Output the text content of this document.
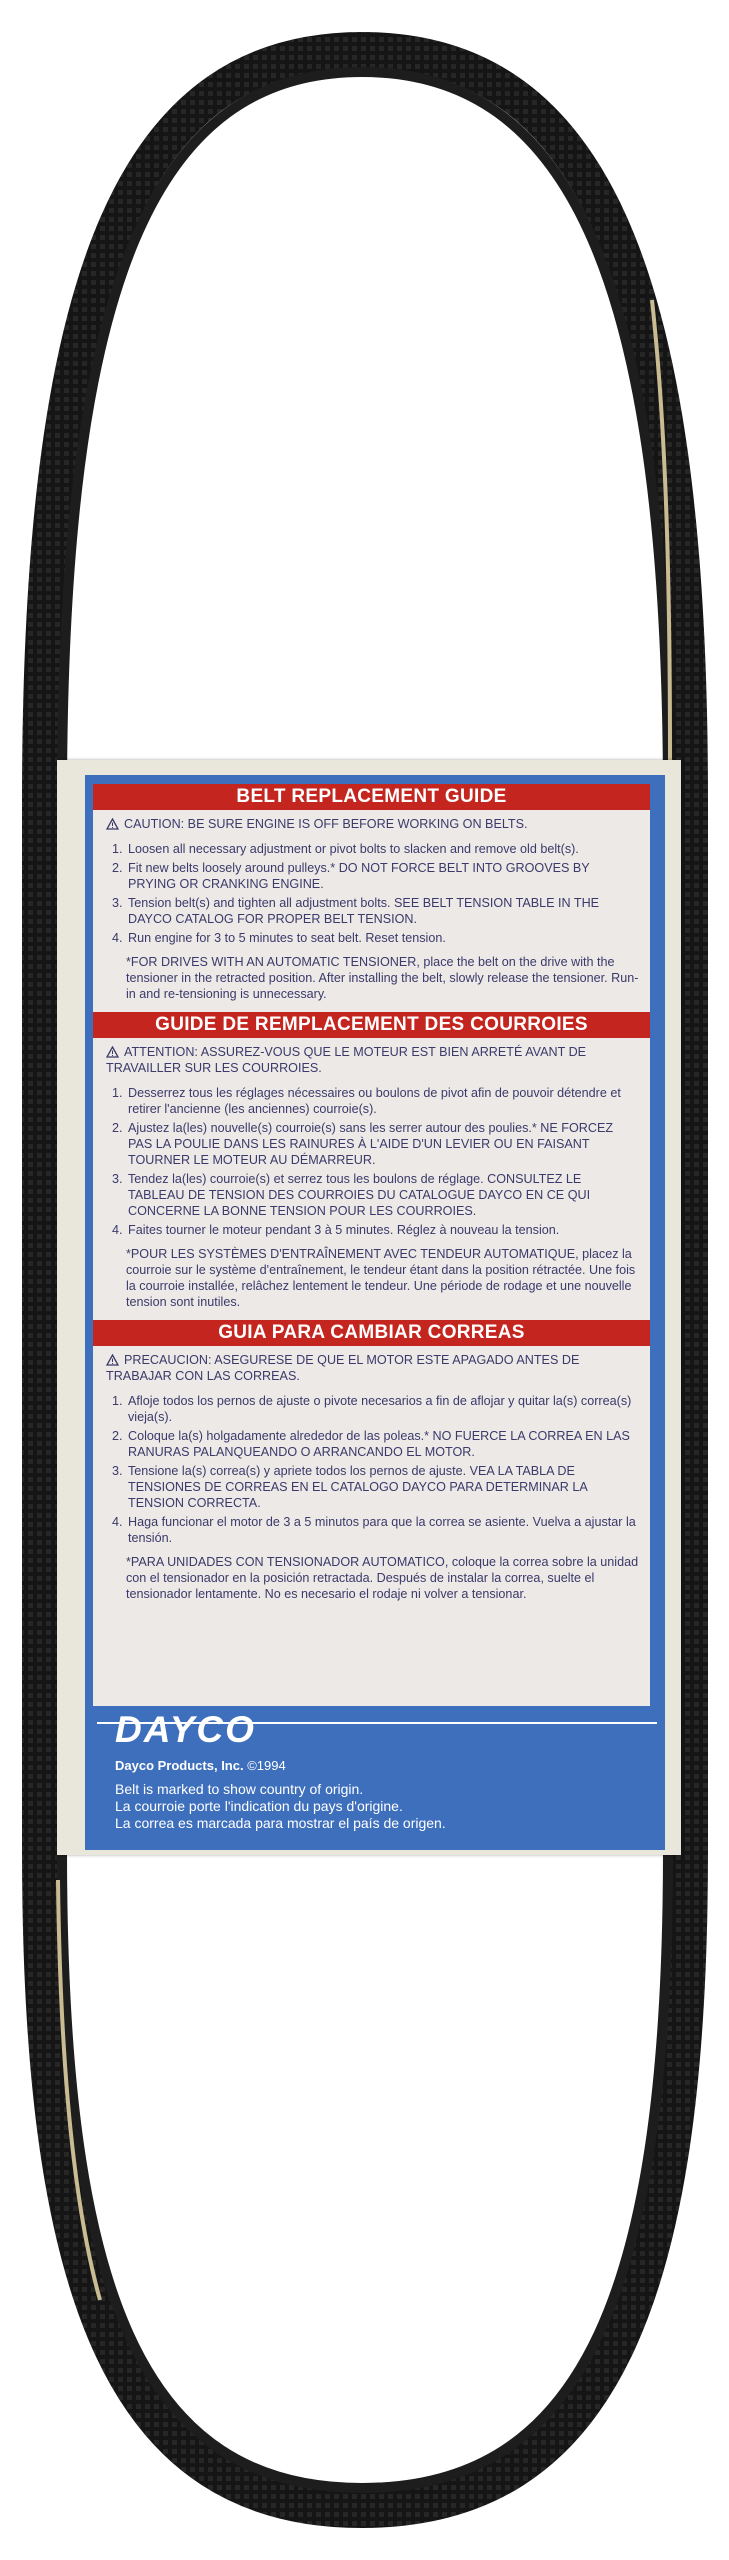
BELT REPLACEMENT GUIDE
CAUTION: BE SURE ENGINE IS OFF BEFORE WORKING ON BELTS.
1. Loosen all necessary adjustment or pivot bolts to slacken and remove old belt(s).
2. Fit new belts loosely around pulleys.* DO NOT FORCE BELT INTO GROOVES BY PRYING OR CRANKING ENGINE.
3. Tension belt(s) and tighten all adjustment bolts. SEE BELT TENSION TABLE IN THE DAYCO CATALOG FOR PROPER BELT TENSION.
4. Run engine for 3 to 5 minutes to seat belt. Reset tension.
*FOR DRIVES WITH AN AUTOMATIC TENSIONER, place the belt on the drive with the tensioner in the retracted position. After installing the belt, slowly release the tensioner. Run-in and re-tensioning is unnecessary.
GUIDE DE REMPLACEMENT DES COURROIES
ATTENTION: ASSUREZ-VOUS QUE LE MOTEUR EST BIEN ARRETÉ AVANT DE TRAVAILLER SUR LES COURROIES.
1. Desserrez tous les réglages nécessaires ou boulons de pivot afin de pouvoir détendre et retirer l'ancienne (les anciennes) courroie(s).
2. Ajustez la(les) nouvelle(s) courroie(s) sans les serrer autour des poulies.* NE FORCEZ PAS LA POULIE DANS LES RAINURES À L'AIDE D'UN LEVIER OU EN FAISANT TOURNER LE MOTEUR AU DÉMARREUR.
3. Tendez la(les) courroie(s) et serrez tous les boulons de réglage. CONSULTEZ LE TABLEAU DE TENSION DES COURROIES DU CATALOGUE DAYCO EN CE QUI CONCERNE LA BONNE TENSION POUR LES COURROIES.
4. Faites tourner le moteur pendant 3 à 5 minutes. Réglez à nouveau la tension.
*POUR LES SYSTÈMES D'ENTRAÎNEMENT AVEC TENDEUR AUTOMATIQUE, placez la courroie sur le système d'entraînement, le tendeur étant dans la position rétractée. Une fois la courroie installée, relâchez lentement le tendeur. Une période de rodage et une nouvelle tension sont inutiles.
GUIA PARA CAMBIAR CORREAS
PRECAUCION: ASEGURESE DE QUE EL MOTOR ESTE APAGADO ANTES DE TRABAJAR CON LAS CORREAS.
1. Afloje todos los pernos de ajuste o pivote necesarios a fin de aflojar y quitar la(s) correa(s) vieja(s).
2. Coloque la(s) holgadamente alrededor de las poleas.* NO FUERCE LA CORREA EN LAS RANURAS PALANQUEANDO O ARRANCANDO EL MOTOR.
3. Tensione la(s) correa(s) y apriete todos los pernos de ajuste. VEA LA TABLA DE TENSIONES DE CORREAS EN EL CATALOGO DAYCO PARA DETERMINAR LA TENSION CORRECTA.
4. Haga funcionar el motor de 3 a 5 minutos para que la correa se asiente. Vuelva a ajustar la tensión.
*PARA UNIDADES CON TENSIONADOR AUTOMATICO, coloque la correa sobre la unidad con el tensionador en la posición retractada. Después de instalar la correa, suelte el tensionador lentamente. No es necesario el rodaje ni volver a tensionar.
DAYCO
Dayco Products, Inc. ©1994
Belt is marked to show country of origin.
La courroie porte l'indication du pays d'origine.
La correa es marcada para mostrar el país de origen.
